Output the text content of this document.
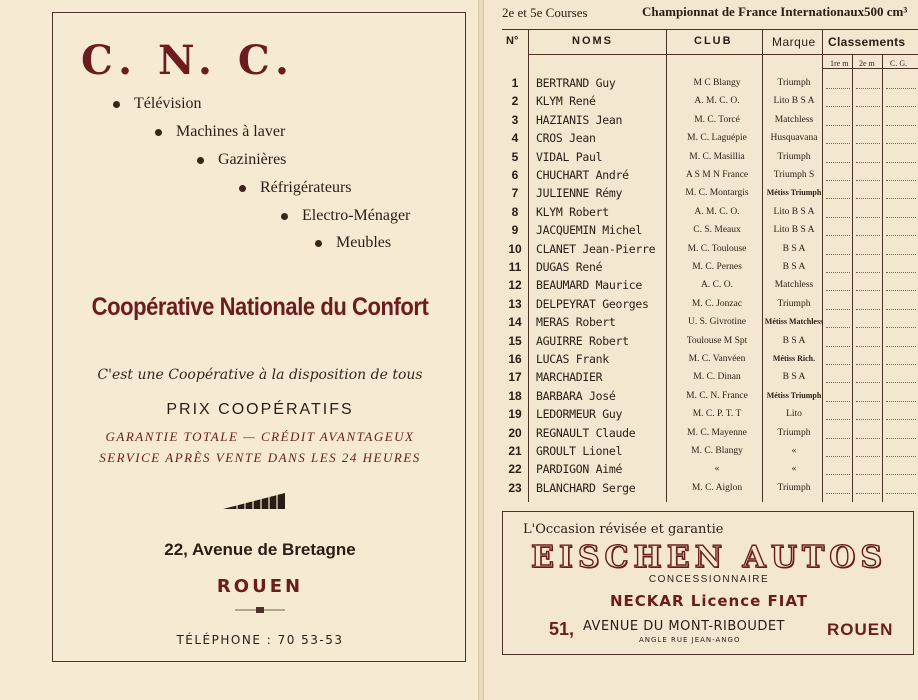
C. N. C.
Télévision
Machines à laver
Gazinières
Réfrigérateurs
Electro-Ménager
Meubles
Coopérative Nationale du Confort
C'est une Coopérative à la disposition de tous
PRIX COOPÉRATIFS
GARANTIE TOTALE — CRÉDIT AVANTAGEUX
SERVICE APRÈS VENTE DANS LES 24 HEURES
22, Avenue de Bretagne
ROUEN
TÉLÉPHONE : 70 53-53
2e et 5e Courses	Championnat de France Internationaux 500 cm³
N°	NOMS	CLUB	Marque Classements
1re m 2e m C. G.
1	BERTRAND Guy	M C Blangy	Triumph
2	KLYM René	A. M. C. O.	Lito B S A
3	HAZIANIS Jean	M. C. Torcé	Matchless
4	CROS Jean	M. C. Laguépie	Husquavana
5	VIDAL Paul	M. C. Masillia	Triumph
6	CHUCHART André	A S M N France	Triumph S
7	JULIENNE Rémy	M. C. Montargis	Métiss Triumph
8	KLYM Robert	A. M. C. O.	Lito B S A
9	JACQUEMIN Michel	C. S. Meaux	Lito B S A
10	CLANET Jean-Pierre	M. C. Toulouse	B S A
11	DUGAS René	M. C. Pernes	B S A
12	BEAUMARD Maurice	A. C. O.	Matchless
13	DELPEYRAT Georges	M. C. Jonzac	Triumph
14	MERAS Robert	U. S. Givrotine	Métiss Matchless
15	AGUIRRE Robert	Toulouse M Spt	B S A
16	LUCAS Frank	M. C. Vanvéen	Métiss Rich.
17	MARCHADIER	M. C. Dinan	B S A
18	BARBARA José	M. C. N. France	Métiss Triumph
19	LEDORMEUR Guy	M. C. P. T. T	Lito
20	REGNAULT Claude	M. C. Mayenne	Triumph
21	GROULT Lionel	M. C. Blangy	«
22	PARDIGON Aimé	«	«
23	BLANCHARD Serge	M. C. Aiglon	Triumph
L'Occasion révisée et garantie
EISCHEN AUTOS
CONCESSIONNAIRE
NECKAR Licence FIAT
51, AVENUE DU MONT-RIBOUDET
ANGLE RUE JEAN-ANGO
ROUEN
